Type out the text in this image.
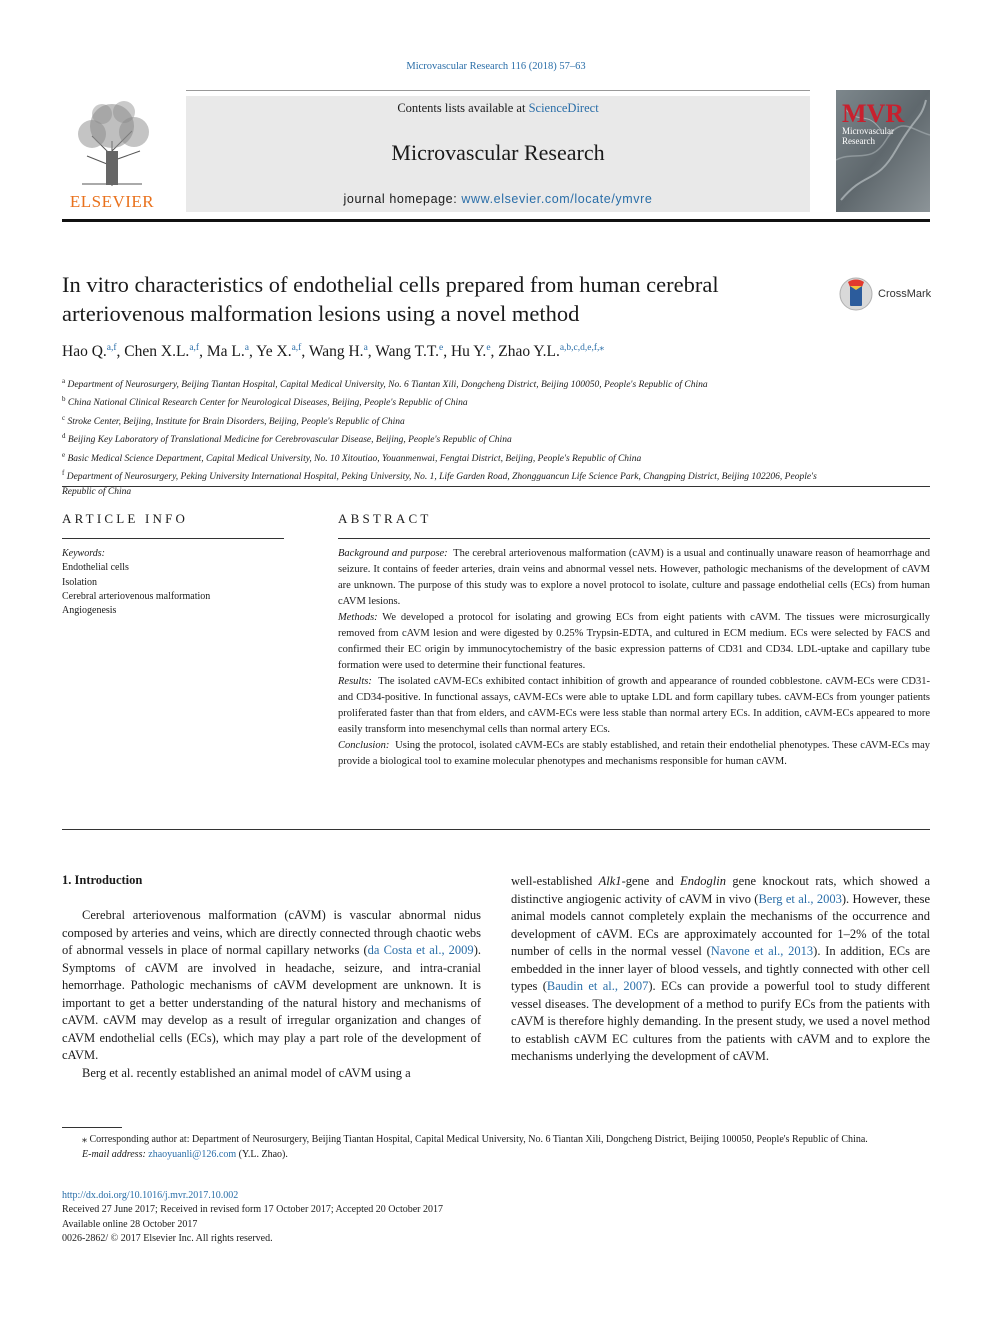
Microvascular Research 116 (2018) 57–63
ELSEVIER
Contents lists available at ScienceDirect
Microvascular Research
journal homepage: www.elsevier.com/locate/ymvre
MVR
Microvascular
Research
In vitro characteristics of endothelial cells prepared from human cerebral arteriovenous malformation lesions using a novel method
CrossMark
Hao Q.$^{a,f}$, Chen X.L.$^{a,f}$, Ma L.$^a$, Ye X.$^{a,f}$, Wang H.$^a$, Wang T.T.$^e$, Hu Y.$^e$, Zhao Y.L.$^{a,b,c,d,e,f,⁎}$
$^a$ Department of Neurosurgery, Beijing Tiantan Hospital, Capital Medical University, No. 6 Tiantan Xili, Dongcheng District, Beijing 100050, People's Republic of China
$^b$ China National Clinical Research Center for Neurological Diseases, Beijing, People's Republic of China
$^c$ Stroke Center, Beijing, Institute for Brain Disorders, Beijing, People's Republic of China
$^d$ Beijing Key Laboratory of Translational Medicine for Cerebrovascular Disease, Beijing, People's Republic of China
$^e$ Basic Medical Science Department, Capital Medical University, No. 10 Xitoutiao, Youanmenwai, Fengtai District, Beijing, People's Republic of China
$^f$ Department of Neurosurgery, Peking University International Hospital, Peking University, No. 1, Life Garden Road, Zhongguancun Life Science Park, Changping District, Beijing 102206, People's Republic of China
ARTICLE INFO
Keywords:
Endothelial cells
Isolation
Cerebral arteriovenous malformation
Angiogenesis
ABSTRACT

Background and purpose: The cerebral arteriovenous malformation (cAVM) is a usual and continually unaware reason of heamorrhage and seizure. It contains of feeder arteries, drain veins and abnormal vessel nets. However, pathologic mechanisms of the development of cAVM are unknown. The purpose of this study was to explore a novel protocol to isolate, culture and passage endothelial cells (ECs) from human cAVM lesions.

Methods: We developed a protocol for isolating and growing ECs from eight patients with cAVM. The tissues were microsurgically removed from cAVM lesion and were digested by 0.25% Trypsin-EDTA, and cultured in ECM medium. ECs were selected by FACS and confirmed their EC origin by immunocytochemistry of the basic expression patterns of CD31 and CD34. LDL-uptake and capillary tube formation were used to determine their functional features.

Results: The isolated cAVM-ECs exhibited contact inhibition of growth and appearance of rounded cobblestone. cAVM-ECs were CD31- and CD34-positive. In functional assays, cAVM-ECs were able to uptake LDL and form capillary tubes. cAVM-ECs from younger patients proliferated faster than that from elders, and cAVM-ECs were less stable than normal artery ECs. In addition, cAVM-ECs appeared to more easily transform into mesenchymal cells than normal artery ECs.

Conclusion: Using the protocol, isolated cAVM-ECs are stably established, and retain their endothelial phenotypes. These cAVM-ECs may provide a biological tool to examine molecular phenotypes and mechanisms responsible for human cAVM.

1. Introduction

Cerebral arteriovenous malformation (cAVM) is vascular abnormal nidus composed by arteries and veins, which are directly connected through chaotic webs of abnormal vessels in place of normal capillary networks (da Costa et al., 2009). Symptoms of cAVM are involved in headache, seizure, and intra-cranial hemorrhage. Pathologic mechanisms of cAVM development are unknown. It is important to get a better understanding of the natural history and mechanisms of cAVM. cAVM may develop as a result of irregular organization and changes of cAVM endothelial cells (ECs), which may play a part role of the development of cAVM.

Berg et al. recently established an animal model of cAVM using a

well-established Alk1-gene and Endoglin gene knockout rats, which showed a distinctive angiogenic activity of cAVM in vivo (Berg et al., 2003). However, these animal models cannot completely explain the mechanisms of the occurrence and development of cAVM. ECs are approximately accounted for 1–2% of the total number of cells in the normal vessel (Navone et al., 2013). In addition, ECs are embedded in the inner layer of blood vessels, and tightly connected with other cell types (Baudin et al., 2007). ECs can provide a powerful tool to study different vessel diseases. The development of a method to purify ECs from the patients with cAVM is therefore highly demanding. In the present study, we used a novel method to establish cAVM EC cultures from the patients with cAVM and to explore the mechanisms underlying the development of cAVM.

⁎ Corresponding author at: Department of Neurosurgery, Beijing Tiantan Hospital, Capital Medical University, No. 6 Tiantan Xili, Dongcheng District, Beijing 100050, People's Republic of China.
E-mail address: zhaoyuanli@126.com (Y.L. Zhao).
http://dx.doi.org/10.1016/j.mvr.2017.10.002
Received 27 June 2017; Received in revised form 17 October 2017; Accepted 20 October 2017
Available online 28 October 2017
0026-2862/ © 2017 Elsevier Inc. All rights reserved.
